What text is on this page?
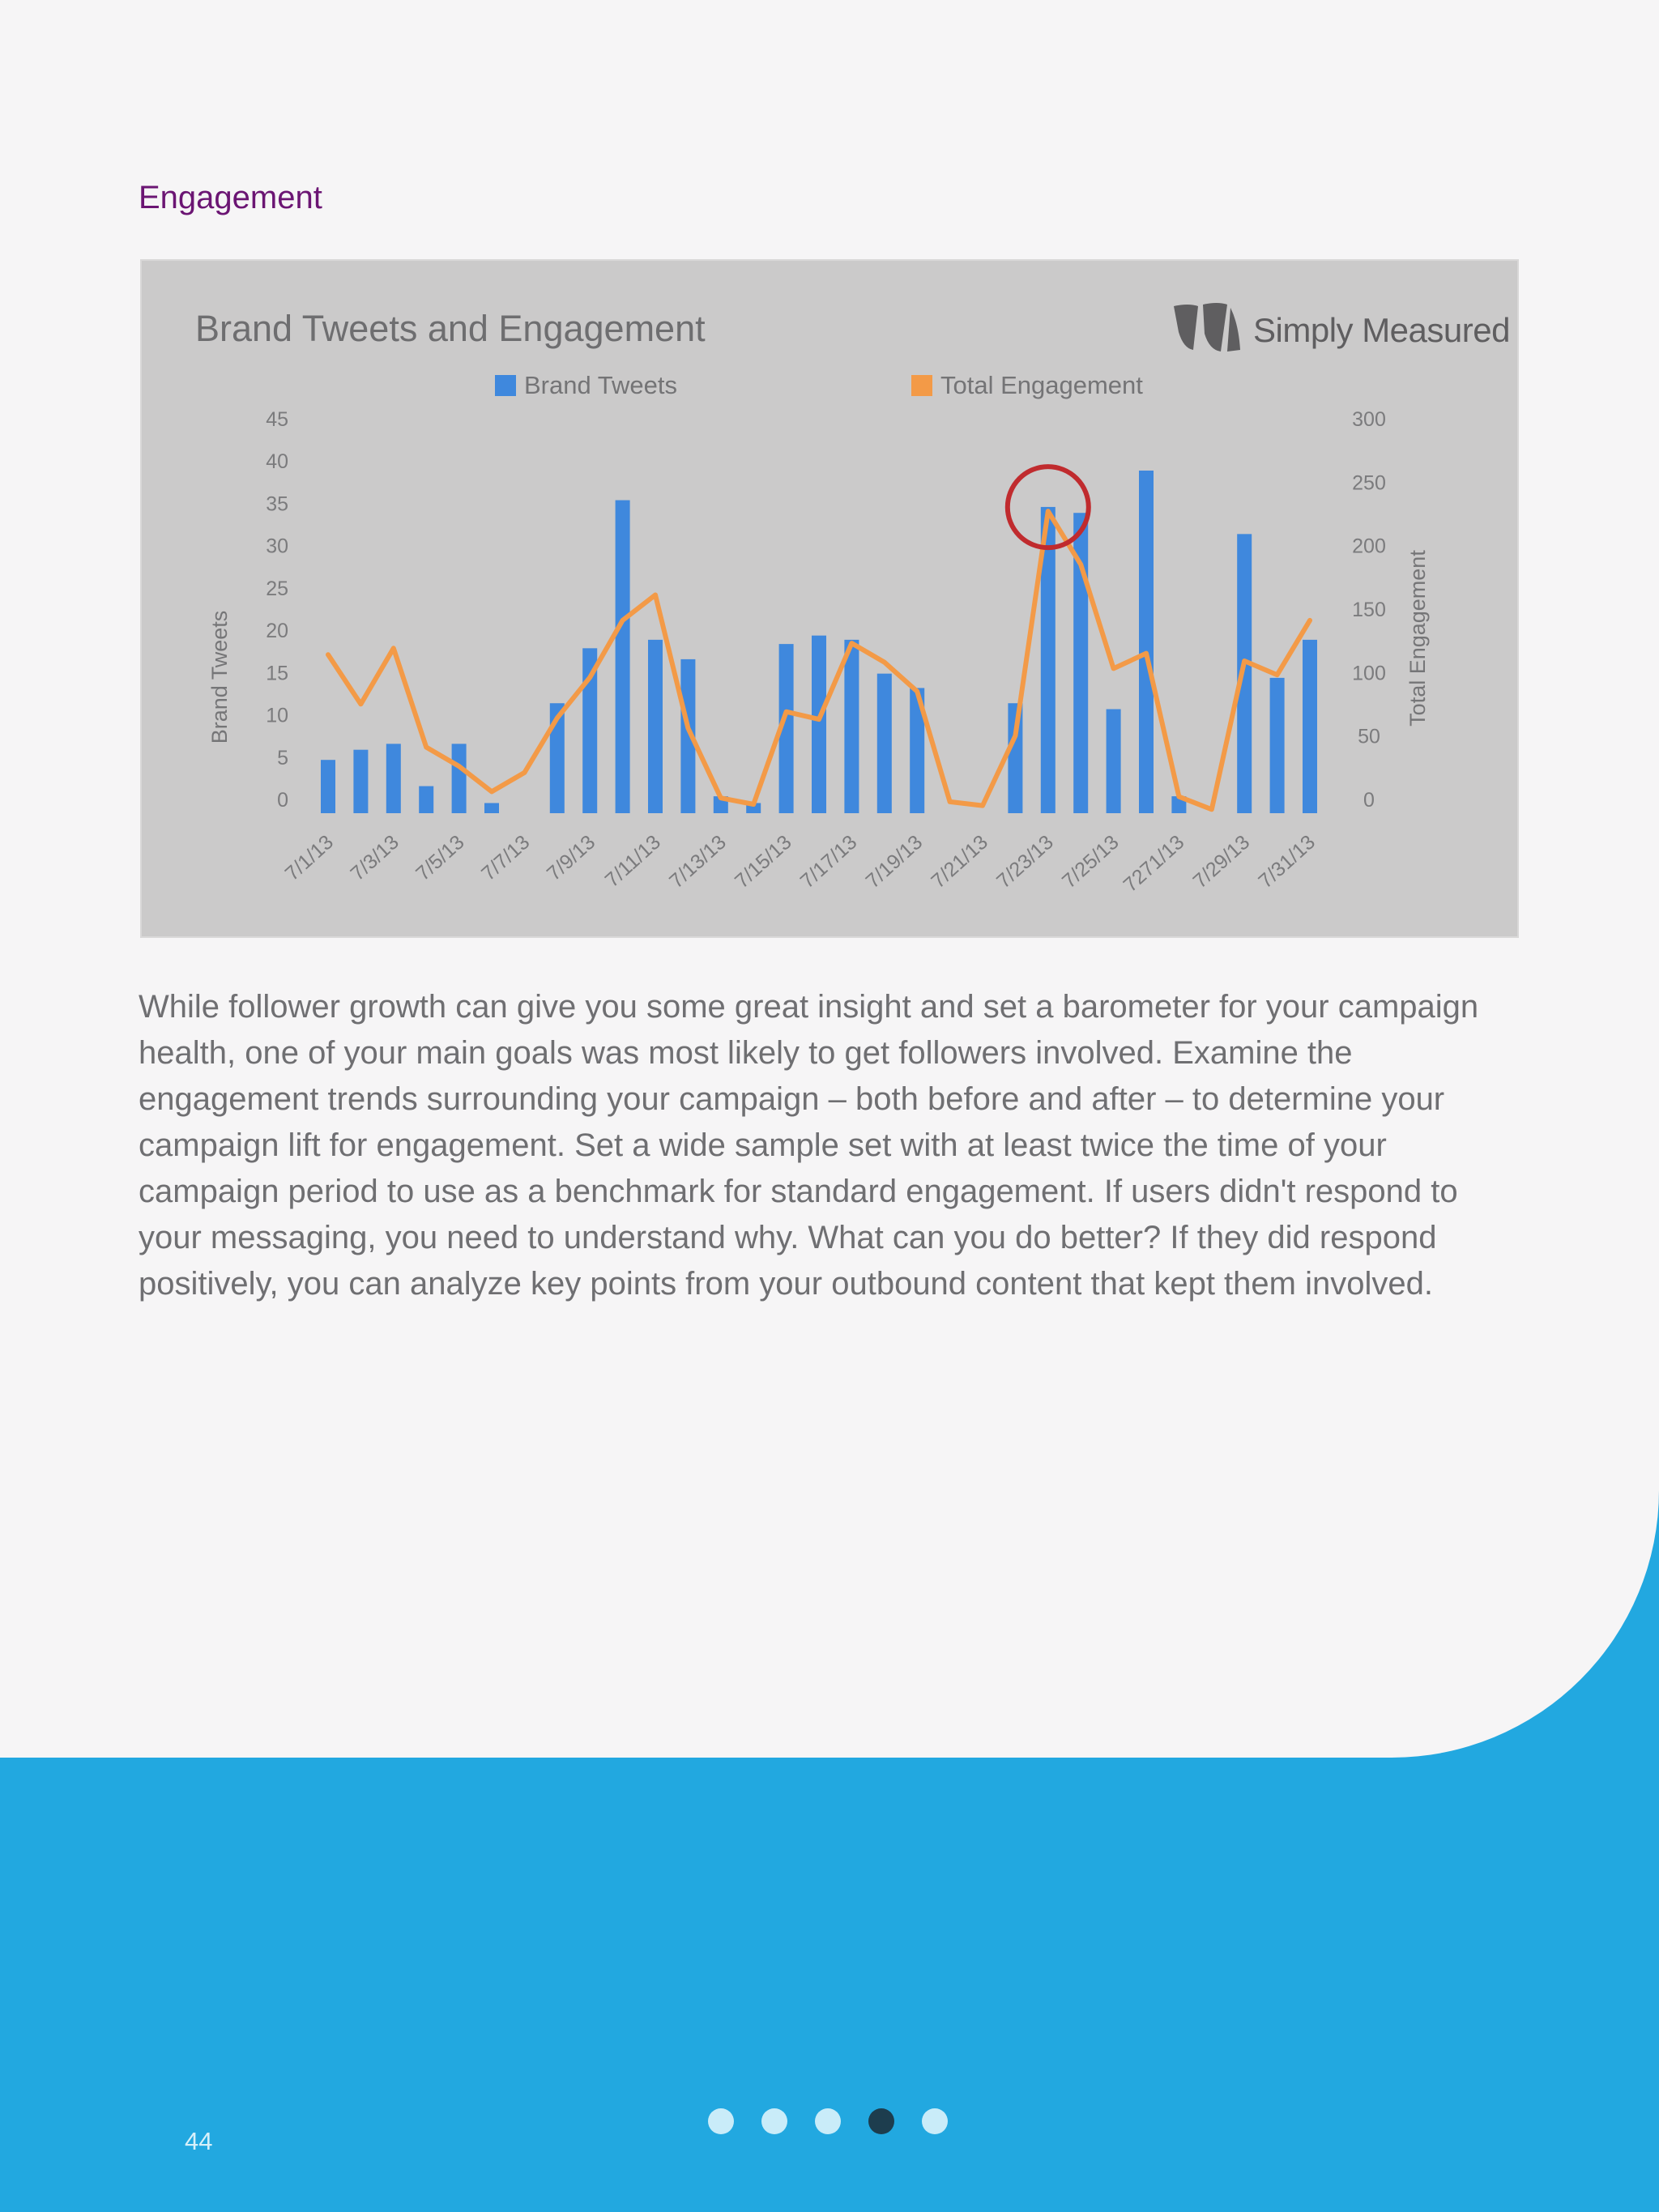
Engagement
Brand Tweets	Total Engagement
45
40
35
30
25
20
15
10
5
0
300
250
200
150
100
50
0
7/1/13 7/3/13 7/5/13 7/7/13 7/9/13 7/11/13 7/13/13 7/15/13 7/17/13 7/19/13 7/21/13 7/23/13 7/25/13
7271/13 7/29/13 7/31/13
Brand Tweets and Engagement	Simply Measured
Brand Tweets	Total Engagement
While follower growth can give you some great insight and set a barometer for your campaign health, one of your main goals was most likely to get followers involved. Examine the engagement trends surrounding your campaign – both before and after – to determine your campaign lift for engagement. Set a wide sample set with at least twice the time of your campaign period to use as a benchmark for standard engagement. If users didn't respond to your messaging, you need to understand why. What can you do better? If they did respond positively, you can analyze key points from your outbound content that kept them involved.
44
